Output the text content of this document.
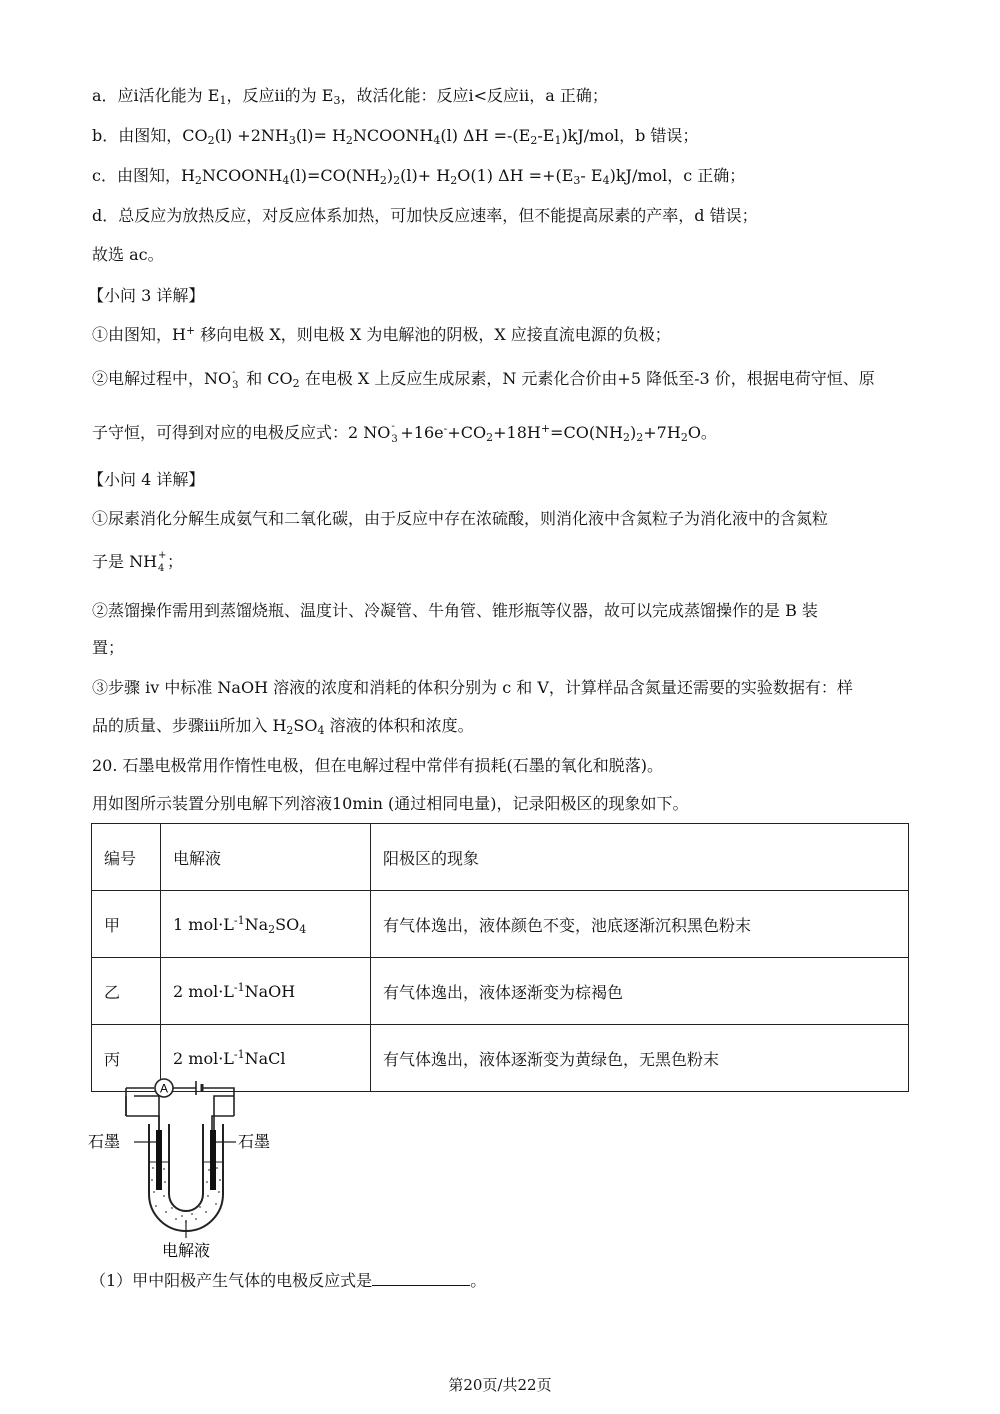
a．应ⅰ活化能为 $E_1$，反应ⅱ的为 $E_3$，故活化能：反应ⅰ<反应ⅱ，a 正确；
b．由图知，$CO_2(l) +2NH_3(l)=$ $H_2NCOONH_4(l)$ $\Delta H =-(E_2-E_1)kJ$/mol，b 错误；
c．由图知，$H_2NCOONH_4(l)=CO(NH_2)_2(l)+ H_2O(1)$ $\Delta H =+(E_3-$ $E_4)kJ$/mol，c 正确；
d．总反应为放热反应，对反应体系加热，可加快反应速率，但不能提高尿素的产率，d 错误；
故选 ac。
【小问 3 详解】
①由图知，H+ 移向电极 X，则电极 X 为电解池的阴极，X 应接直流电源的负极；
②电解过程中，NO -
3 和 $CO_2$ 在电极 X 上反应生成尿素，N 元素化合价由+5 降低至-3 价，根据电荷守恒、原
子守恒，可得到对应的电极反应式：2 NO -
$3 +16e^-+CO_2+18H^+=CO(NH_2)_2+7H_2O$。
【小问 4 详解】
①尿素消化分解生成氨气和二氧化碳，由于反应中存在浓硫酸，则消化液中含氮粒子为消化液中的含氮粒
子是 NH +
4 ；
②蒸馏操作需用到蒸馏烧瓶、温度计、冷凝管、牛角管、锥形瓶等仪器，故可以完成蒸馏操作的是 B 装
置；
③步骤 iv 中标准 NaOH 溶液的浓度和消耗的体积分别为 c 和 V，计算样品含氮量还需要的实验数据有：样
品的质量、步骤ⅲ所加入 $H_2SO_4$ 溶液的体积和浓度。
20. 石墨电极常用作惰性电极，但在电解过程中常伴有损耗(石墨的氧化和脱落)。
用如图所示装置分别电解下列溶液10min (通过相同电量)，记录阳极区的现象如下。
编号	电解液	阳极区的现象
甲	1 $mol\cdot L^{-1}Na_2SO_4$	有气体逸出，液体颜色不变，池底逐渐沉积黑色粉末
乙	2 $mol\cdot L^{-1}NaOH$	有气体逸出，液体逐渐变为棕褐色
丙	2 $mol\cdot L^{-1}NaCl$	有气体逸出，液体逐渐变为黄绿色，无黑色粉末
A
石墨	石墨
电解液
（1）甲中阳极产生气体的电极反应式是	。
第20页/共22页
